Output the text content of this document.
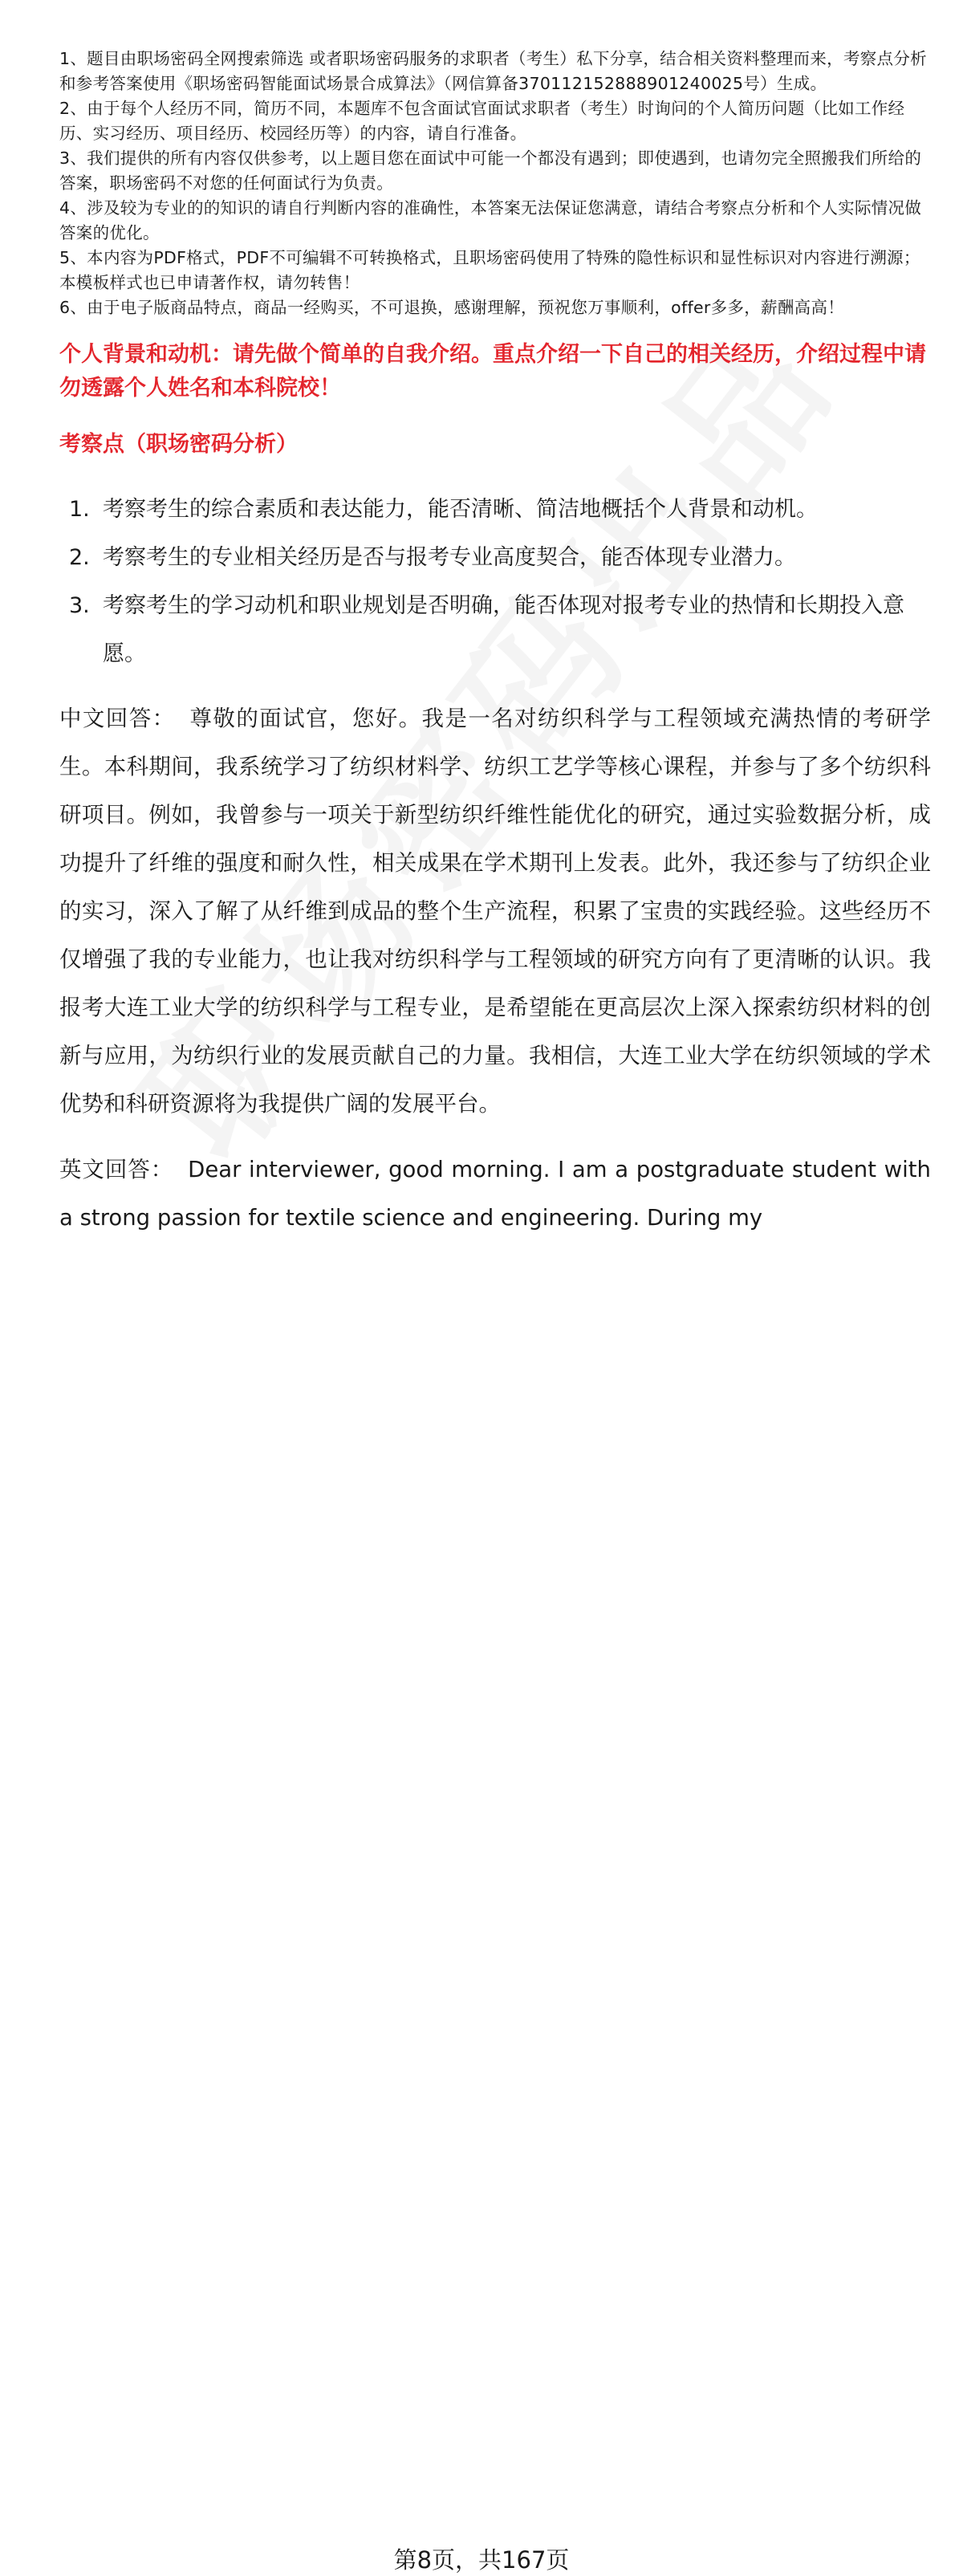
1、题目由职场密码全网搜索筛选 或者职场密码服务的求职者（考生）私下分享，结合相关资料整理而来，考察点分析和参考答案使用《职场密码智能面试场景合成算法》（网信算备370112152888901240025号）生成。

2、由于每个人经历不同，简历不同，本题库不包含面试官面试求职者（考生）时询问的个人简历问题（比如工作经历、实习经历、项目经历、校园经历等）的内容，请自行准备。

3、我们提供的所有内容仅供参考，以上题目您在面试中可能一个都没有遇到；即使遇到，也请勿完全照搬我们所给的答案，职场密码不对您的任何面试行为负责。

4、涉及较为专业的的知识的请自行判断内容的准确性，本答案无法保证您满意，请结合考察点分析和个人实际情况做答案的优化。

5、本内容为PDF格式，PDF不可编辑不可转换格式，且职场密码使用了特殊的隐性标识和显性标识对内容进行溯源；本模板样式也已申请著作权，请勿转售！

6、由于电子版商品特点，商品一经购买，不可退换，感谢理解，预祝您万事顺利，offer多多，薪酬高高！

个人背景和动机：请先做个简单的自我介绍。重点介绍一下自己的相关经历，介绍过程中请勿透露个人姓名和本科院校！
考察点（职场密码分析）
1. 考察考生的综合素质和表达能力，能否清晰、简洁地概括个人背景和动机。
2. 考察考生的专业相关经历是否与报考专业高度契合，能否体现专业潜力。
3. 考察考生的学习动机和职业规划是否明确，能否体现对报考专业的热情和长期投入意愿。

中文回答： 尊敬的面试官，您好。我是一名对纺织科学与工程领域充满热情的考研学生。本科期间，我系统学习了纺织材料学、纺织工艺学等核心课程，并参与了多个纺织科研项目。例如，我曾参与一项关于新型纺织纤维性能优化的研究，通过实验数据分析，成功提升了纤维的强度和耐久性，相关成果在学术期刊上发表。此外，我还参与了纺织企业的实习，深入了解了从纤维到成品的整个生产流程，积累了宝贵的实践经验。这些经历不仅增强了我的专业能力，也让我对纺织科学与工程领域的研究方向有了更清晰的认识。我报考大连工业大学的纺织科学与工程专业，是希望能在更高层次上深入探索纺织材料的创新与应用，为纺织行业的发展贡献自己的力量。我相信，大连工业大学在纺织领域的学术优势和科研资源将为我提供广阔的发展平台。

英文回答： Dear interviewer, good morning. I am a postgraduate student with a strong passion for textile science and engineering. During my

第8页，共167页
